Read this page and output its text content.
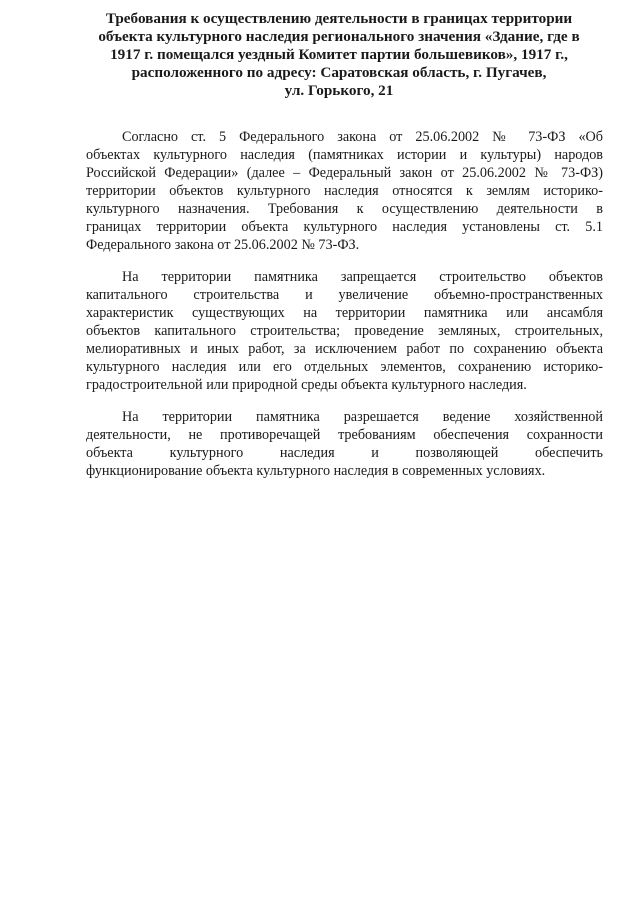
Требования к осуществлению деятельности в границах территории
объекта культурного наследия регионального значения «Здание, где в
1917 г. помещался уездный Комитет партии большевиков», 1917 г.,
расположенного по адресу: Саратовская область, г. Пугачев,
ул. Горького, 21

Согласно ст. 5 Федерального закона от 25.06.2002 № 73-ФЗ «Об
объектах культурного наследия (памятниках истории и культуры) народов
Российской Федерации» (далее – Федеральный закон от 25.06.2002 № 73-ФЗ)
территории объектов культурного наследия относятся к землям историко-
культурного назначения. Требования к осуществлению деятельности в
границах территории объекта культурного наследия установлены ст. 5.1
Федерального закона от 25.06.2002 № 73-ФЗ.

На территории памятника запрещается строительство объектов
капитального строительства и увеличение объемно-пространственных
характеристик существующих на территории памятника или ансамбля
объектов капитального строительства; проведение земляных, строительных,
мелиоративных и иных работ, за исключением работ по сохранению объекта
культурного наследия или его отдельных элементов, сохранению историко-
градостроительной или природной среды объекта культурного наследия.

На территории памятника разрешается ведение хозяйственной
деятельности, не противоречащей требованиям обеспечения сохранности
объекта культурного наследия и позволяющей обеспечить
функционирование объекта культурного наследия в современных условиях.
